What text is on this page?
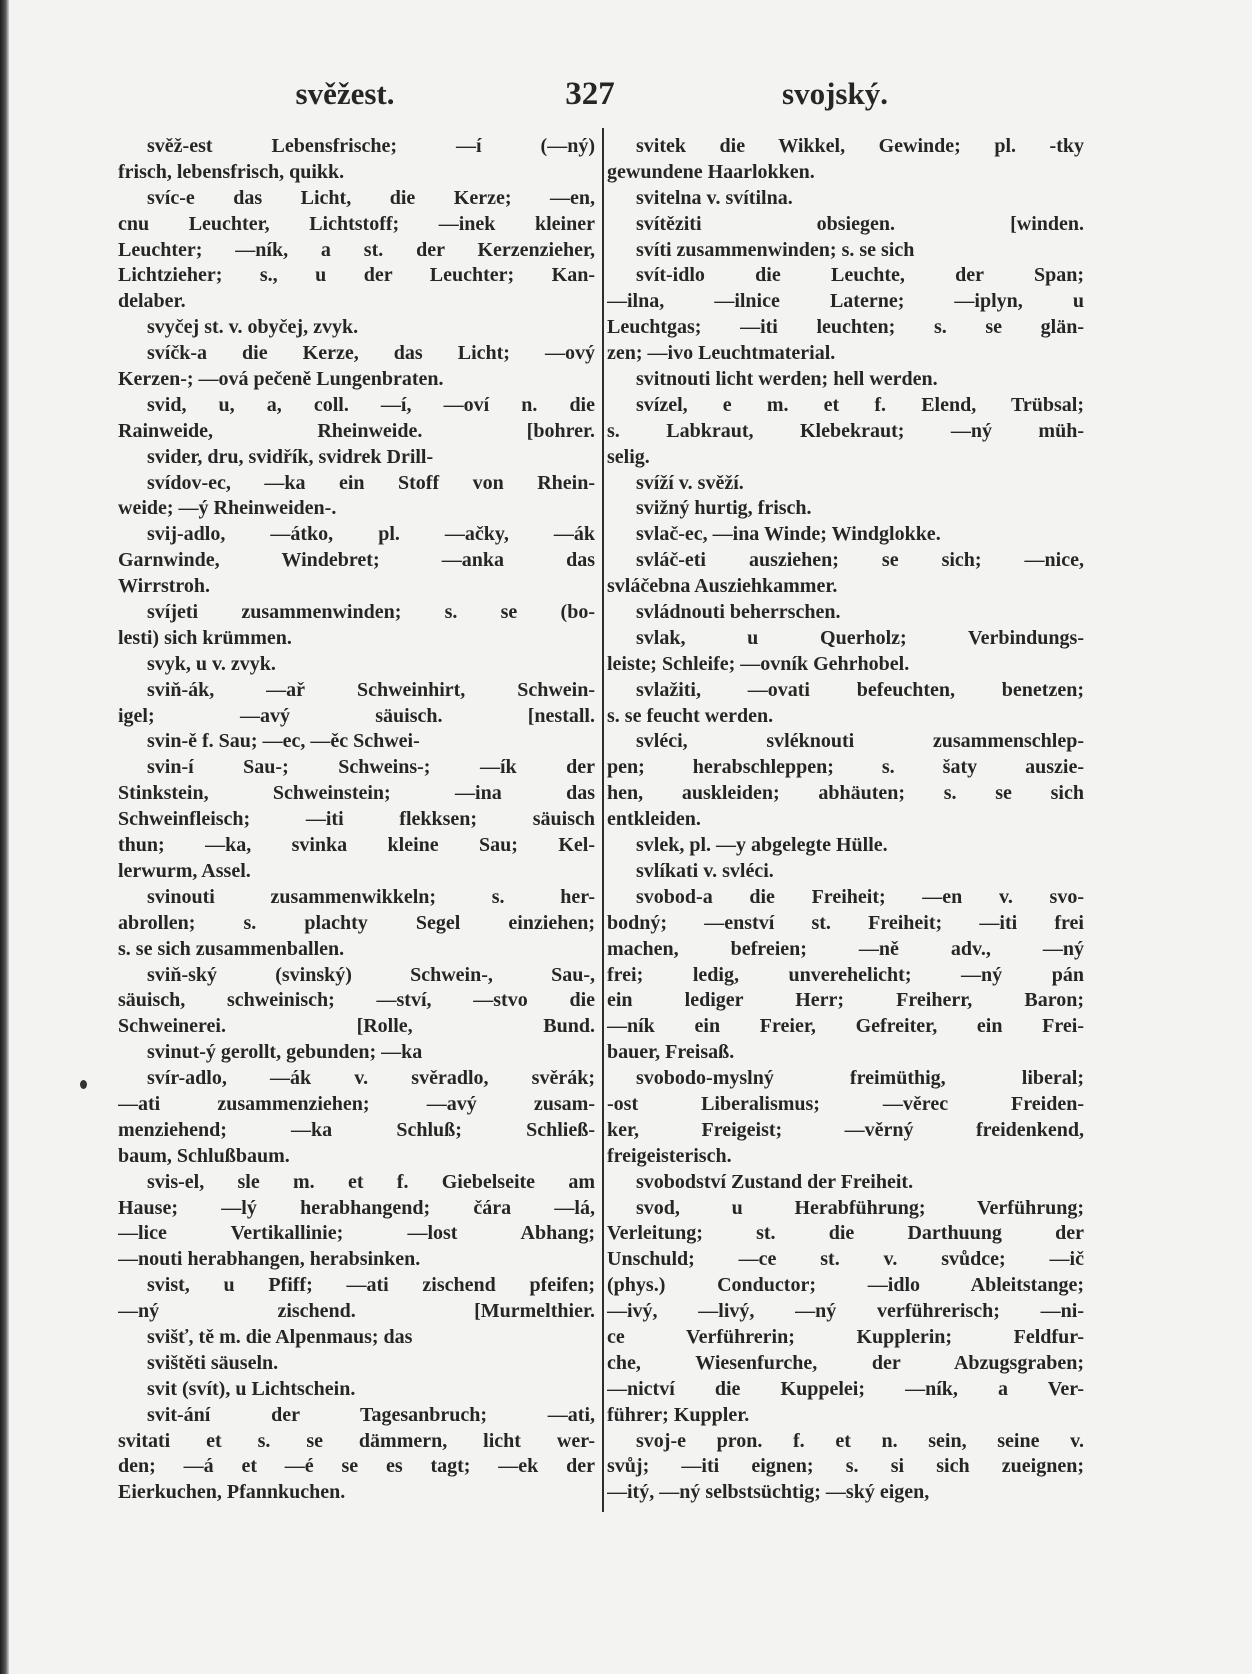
svěžest.	327	svojský.
svěž-est Lebensfrische; —í (—ný)
frisch, lebensfrisch, quikk.
svíc-e das Licht, die Kerze; —en,
cnu Leuchter, Lichtstoff; —inek kleiner
Leuchter; —ník, a st. der Kerzenzieher,
Lichtzieher; s., u der Leuchter; Kan-
delaber.
svyčej st. v. obyčej, zvyk.
svíčk-a die Kerze, das Licht; —ový
Kerzen-; —ová pečeně Lungenbraten.
svid, u, a, coll. —í, —oví n. die
Rainweide, Rheinweide. [bohrer.
svider, dru, svidřík, svidrek Drill-
svídov-ec, —ka ein Stoff von Rhein-
weide; —ý Rheinweiden-.
svij-adlo, —átko, pl. —ačky, —ák
Garnwinde, Windebret; —anka das
Wirrstroh.
svíjeti zusammenwinden; s. se (bo-
lesti) sich krümmen.
svyk, u v. zvyk.
sviň-ák, —ař Schweinhirt, Schwein-
igel; —avý säuisch. [nestall.
svin-ě f. Sau; —ec, —ěc Schwei-
svin-í Sau-; Schweins-; —ík der
Stinkstein, Schweinstein; —ina das
Schweinfleisch; —iti flekksen; säuisch
thun; —ka, svinka kleine Sau; Kel-
lerwurm, Assel.
svinouti zusammenwikkeln; s. her-
abrollen; s. plachty Segel einziehen;
s. se sich zusammenballen.
sviň-ský (svinský) Schwein-, Sau-,
säuisch, schweinisch; —ství, —stvo die
Schweinerei. [Rolle, Bund.
svinut-ý gerollt, gebunden; —ka
svír-adlo, —ák v. svěradlo, svěrák;
—ati zusammenziehen; —avý zusam-
menziehend; —ka Schluß; Schließ-
baum, Schlußbaum.
svis-el, sle m. et f. Giebelseite am
Hause; —lý herabhangend; čára —lá,
—lice Vertikallinie; —lost Abhang;
—nouti herabhangen, herabsinken.
svist, u Pfiff; —ati zischend pfeifen;
—ný zischend. [Murmelthier.
svišť, tě m. die Alpenmaus; das
svištěti säuseln.
svit (svít), u Lichtschein.
svit-ání der Tagesanbruch; —ati,
svitati et s. se dämmern, licht wer-
den; —á et —é se es tagt; —ek der
Eierkuchen, Pfannkuchen.
svitek die Wikkel, Gewinde; pl. -tky
gewundene Haarlokken.
svitelna v. svítilna.
svítěziti obsiegen. [winden.
svíti zusammenwinden; s. se sich
svít-idlo die Leuchte, der Span;
—ilna, —ilnice Laterne; —iplyn, u
Leuchtgas; —iti leuchten; s. se glän-
zen; —ivo Leuchtmaterial.
svitnouti licht werden; hell werden.
svízel, e m. et f. Elend, Trübsal;
s. Labkraut, Klebekraut; —ný müh-
selig.
svíží v. svěží.
svižný hurtig, frisch.
svlač-ec, —ina Winde; Windglokke.
svláč-eti ausziehen; se sich; —nice,
svláčebna Ausziehkammer.
svládnouti beherrschen.
svlak, u Querholz; Verbindungs-
leiste; Schleife; —ovník Gehrhobel.
svlažiti, —ovati befeuchten, benetzen;
s. se feucht werden.
svléci, svléknouti zusammenschlep-
pen; herabschleppen; s. šaty auszie-
hen, auskleiden; abhäuten; s. se sich
entkleiden.
svlek, pl. —y abgelegte Hülle.
svlíkati v. svléci.
svobod-a die Freiheit; —en v. svo-
bodný; —enství st. Freiheit; —iti frei
machen, befreien; —ně adv., —ný
frei; ledig, unverehelicht; —ný pán
ein lediger Herr; Freiherr, Baron;
—ník ein Freier, Gefreiter, ein Frei-
bauer, Freisaß.
svobodo-myslný freimüthig, liberal;
-ost Liberalismus; —věrec Freiden-
ker, Freigeist; —věrný freidenkend,
freigeisterisch.
svobodství Zustand der Freiheit.
svod, u Herabführung; Verführung;
Verleitung; st. die Darthuung der
Unschuld; —ce st. v. svůdce; —ič
(phys.) Conductor; —idlo Ableitstange;
—ivý, —livý, —ný verführerisch; —ni-
ce Verführerin; Kupplerin; Feldfur-
che, Wiesenfurche, der Abzugsgraben;
—nictví die Kuppelei; —ník, a Ver-
führer; Kuppler.
svoj-e pron. f. et n. sein, seine v.
svůj; —iti eignen; s. si sich zueignen;
—itý, —ný selbstsüchtig; —ský eigen,
